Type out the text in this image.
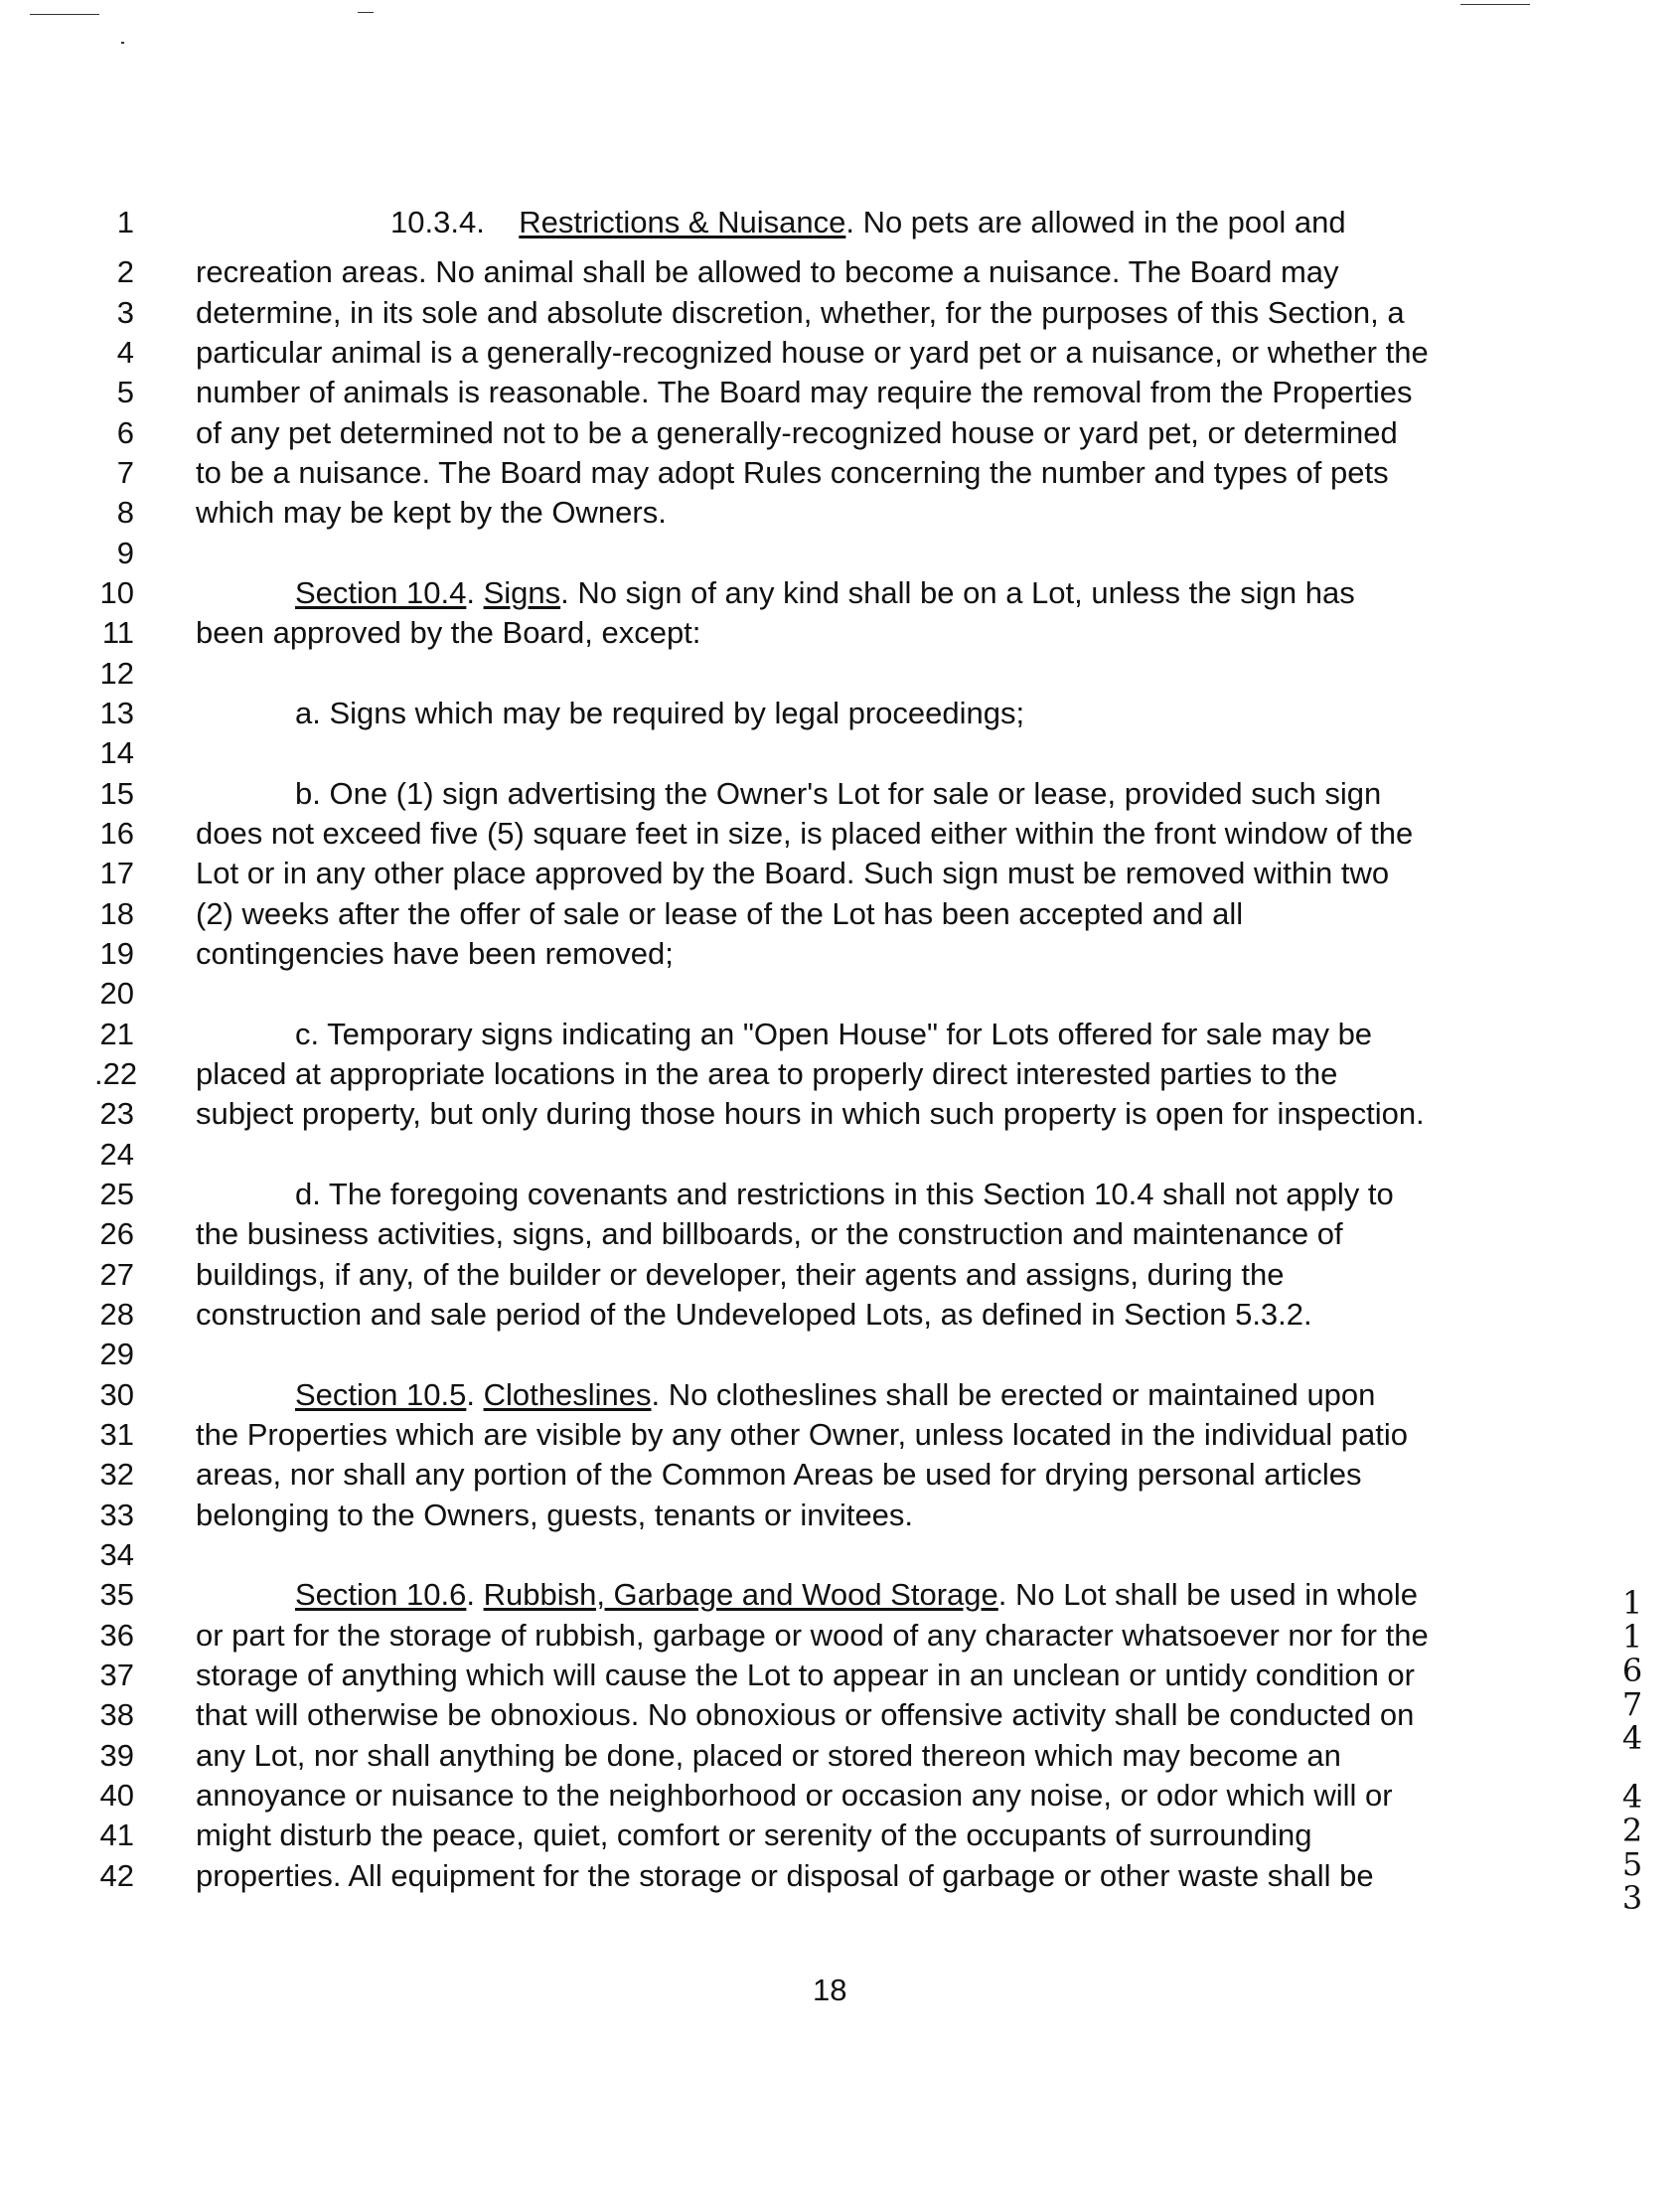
1
2
3
4
5
6
7
8
9
10
11
12
13
14
15
16
17
18
19
20
21
.22
23
24
25
26
27
28
29
30
31
32
33
34
35
36
37
38
39
40
41
42
10.3.4. Restrictions & Nuisance. No pets are allowed in the pool and
recreation areas. No animal shall be allowed to become a nuisance. The Board may
determine, in its sole and absolute discretion, whether, for the purposes of this Section, a
particular animal is a generally-recognized house or yard pet or a nuisance, or whether the
number of animals is reasonable. The Board may require the removal from the Properties
of any pet determined not to be a generally-recognized house or yard pet, or determined
to be a nuisance. The Board may adopt Rules concerning the number and types of pets
which may be kept by the Owners.
Section 10.4. Signs. No sign of any kind shall be on a Lot, unless the sign has
been approved by the Board, except:
a. Signs which may be required by legal proceedings;
b. One (1) sign advertising the Owner's Lot for sale or lease, provided such sign
does not exceed five (5) square feet in size, is placed either within the front window of the
Lot or in any other place approved by the Board. Such sign must be removed within two
(2) weeks after the offer of sale or lease of the Lot has been accepted and all
contingencies have been removed;
c. Temporary signs indicating an "Open House" for Lots offered for sale may be
placed at appropriate locations in the area to properly direct interested parties to the
subject property, but only during those hours in which such property is open for inspection.
d. The foregoing covenants and restrictions in this Section 10.4 shall not apply to
the business activities, signs, and billboards, or the construction and maintenance of
buildings, if any, of the builder or developer, their agents and assigns, during the
construction and sale period of the Undeveloped Lots, as defined in Section 5.3.2.
Section 10.5. Clotheslines. No clotheslines shall be erected or maintained upon
the Properties which are visible by any other Owner, unless located in the individual patio
areas, nor shall any portion of the Common Areas be used for drying personal articles
belonging to the Owners, guests, tenants or invitees.
Section 10.6. Rubbish, Garbage and Wood Storage. No Lot shall be used in whole
or part for the storage of rubbish, garbage or wood of any character whatsoever nor for the
storage of anything which will cause the Lot to appear in an unclean or untidy condition or
that will otherwise be obnoxious. No obnoxious or offensive activity shall be conducted on
any Lot, nor shall anything be done, placed or stored thereon which may become an
annoyance or nuisance to the neighborhood or occasion any noise, or odor which will or
might disturb the peace, quiet, comfort or serenity of the occupants of surrounding
properties. All equipment for the storage or disposal of garbage or other waste shall be
18
1
1
6
7
4
4
2
5
3
